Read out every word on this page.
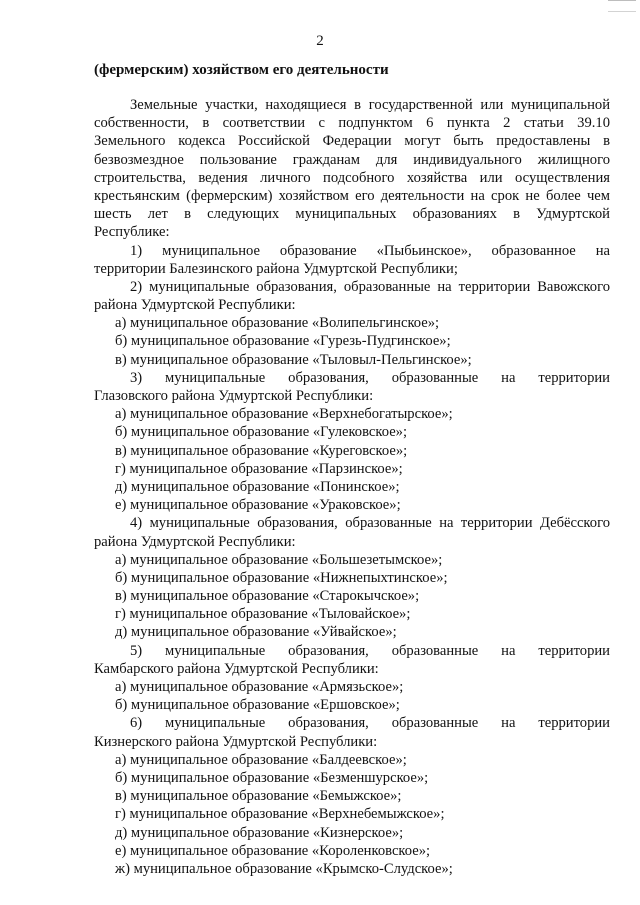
2
(фермерским) хозяйством его деятельности
Земельные участки, находящиеся в государственной или муниципальной
собственности, в соответствии с подпунктом 6 пункта 2 статьи 39.10
Земельного кодекса Российской Федерации могут быть предоставлены в
безвозмездное пользование гражданам для индивидуального жилищного
строительства, ведения личного подсобного хозяйства или осуществления
крестьянским (фермерским) хозяйством его деятельности на срок не более чем
шесть лет в следующих муниципальных образованиях в Удмуртской
Республике:
1) муниципальное образование «Пыбьинское», образованное на
территории Балезинского района Удмуртской Республики;
2) муниципальные образования, образованные на территории Вавожского
района Удмуртской Республики:
а) муниципальное образование «Волипельгинское»;
б) муниципальное образование «Гурезь-Пудгинское»;
в) муниципальное образование «Тыловыл-Пельгинское»;
3) муниципальные образования, образованные на территории
Глазовского района Удмуртской Республики:
а) муниципальное образование «Верхнебогатырское»;
б) муниципальное образование «Гулековское»;
в) муниципальное образование «Куреговское»;
г) муниципальное образование «Парзинское»;
д) муниципальное образование «Понинское»;
е) муниципальное образование «Ураковское»;
4) муниципальные образования, образованные на территории Дебёсского
района Удмуртской Республики:
а) муниципальное образование «Большезетымское»;
б) муниципальное образование «Нижнепыхтинское»;
в) муниципальное образование «Старокычское»;
г) муниципальное образование «Тыловайское»;
д) муниципальное образование «Уйвайское»;
5) муниципальные образования, образованные на территории
Камбарского района Удмуртской Республики:
а) муниципальное образование «Армязьское»;
б) муниципальное образование «Ершовское»;
6) муниципальные образования, образованные на территории
Кизнерского района Удмуртской Республики:
а) муниципальное образование «Балдеевское»;
б) муниципальное образование «Безменшурское»;
в) муниципальное образование «Бемыжское»;
г) муниципальное образование «Верхнебемыжское»;
д) муниципальное образование «Кизнерское»;
е) муниципальное образование «Короленковское»;
ж) муниципальное образование «Крымско-Слудское»;
